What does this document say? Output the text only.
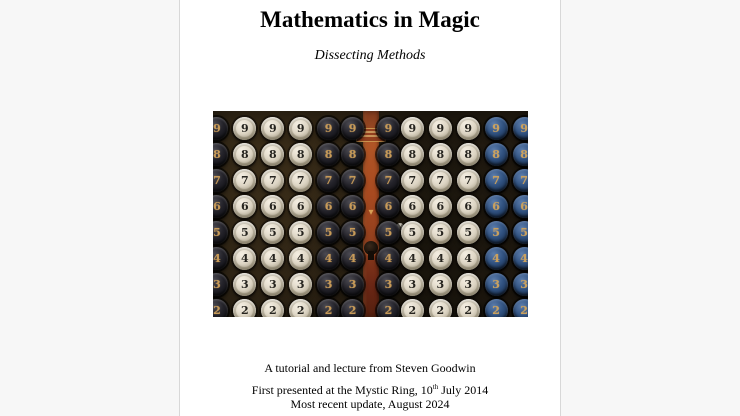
Mathematics in Magic
Dissecting Methods
▾
9 9 9 9 9 9	9 9 9 9 9 9
8 8 8 8 8 8	8 8 8 8 8 8
7 7 7 7 7 7	7 7 7 7 7 7
6 6 6 6 6 6	6 6 6 6 6 6
5 5 5 5 5 5	5 5 5 5 5 5
4 4 4 4 4 4	4 4 4 4 4 4
3 3 3 3 3 3	3 3 3 3 3 3
2 2 2 2 2 2	2 2 2 2 2 2
A tutorial and lecture from Steven Goodwin
First presented at the Mystic Ring, 10th July 2014
Most recent update, August 2024
